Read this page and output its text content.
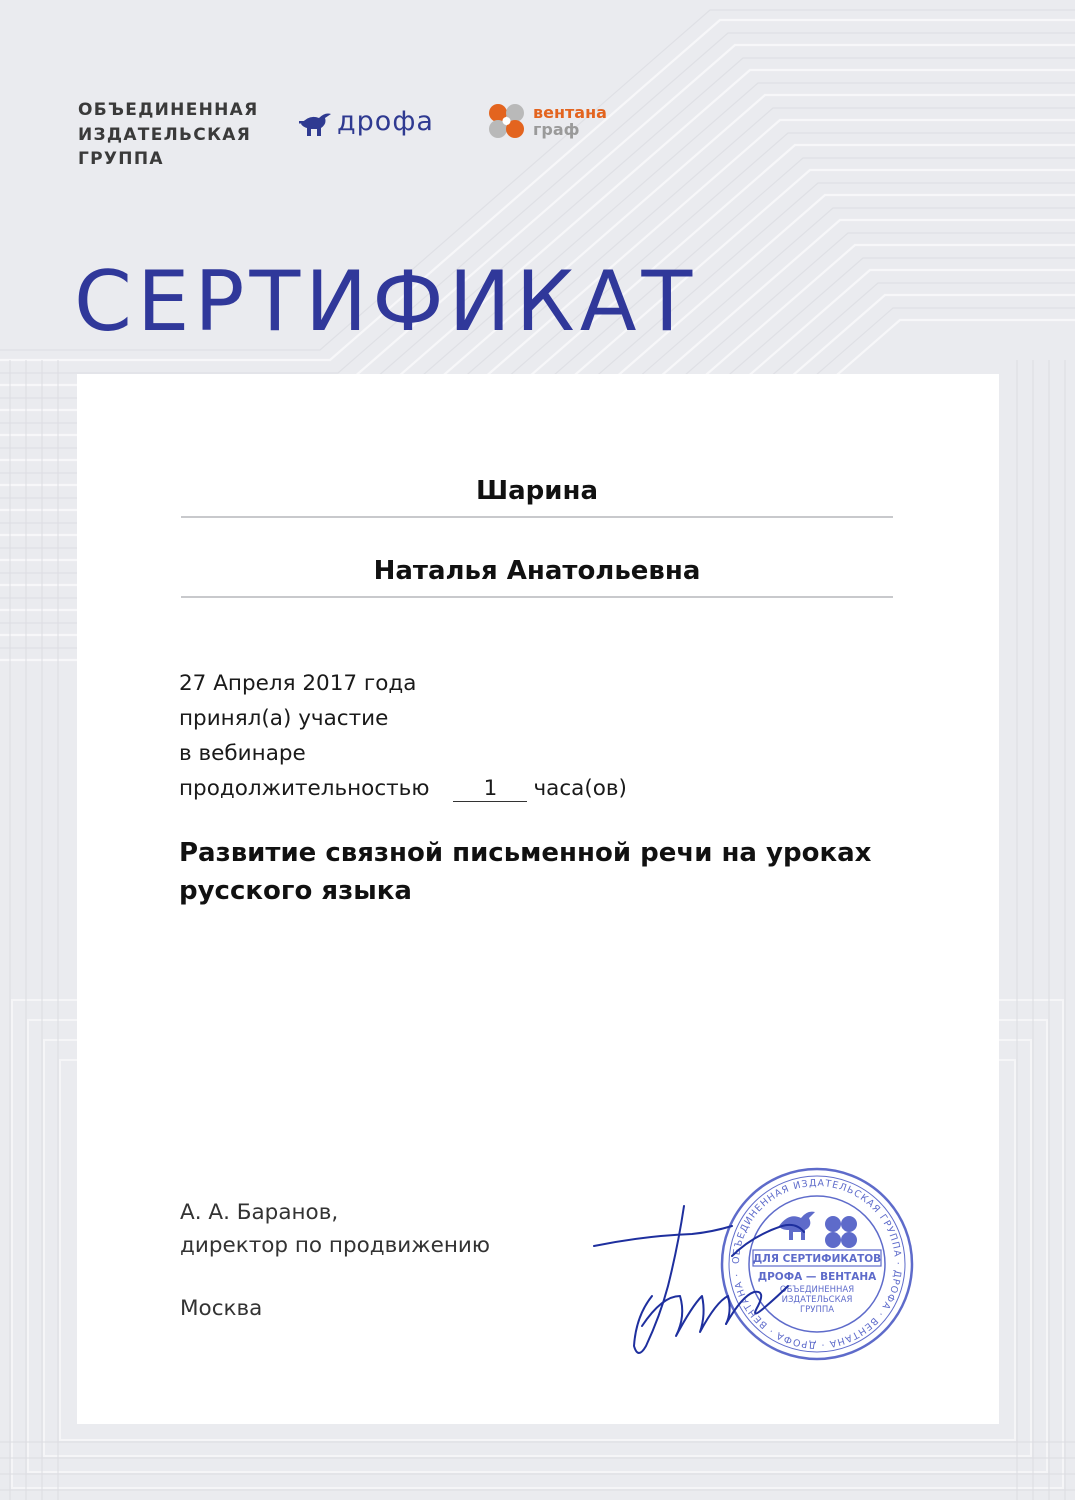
ОБЪЕДИНЕННАЯ
ИЗДАТЕЛЬСКАЯ
ГРУППА
дрофа	вентана
граф
СЕРТИФИКАТ
Шарина
Наталья Анатольевна
27 Апреля 2017 года
принял(а) участие
в вебинаре
продолжительностью	1 часа(ов)
Развитие связной письменной речи на уроках русского языка
А. А. Баранов,
директор по продвижению
Москва
ОБЪЕДИНЕННАЯ ИЗДАТЕЛЬСКАЯ ГРУППА · ДРОФА · ВЕНТАНА · ДРОФА · ВЕНТАНА ·
ДЛЯ СЕРТИФИКАТОВ
ДРОФА — ВЕНТАНА
ОБЪЕДИНЕННАЯ
ИЗДАТЕЛЬСКАЯ
ГРУППА
